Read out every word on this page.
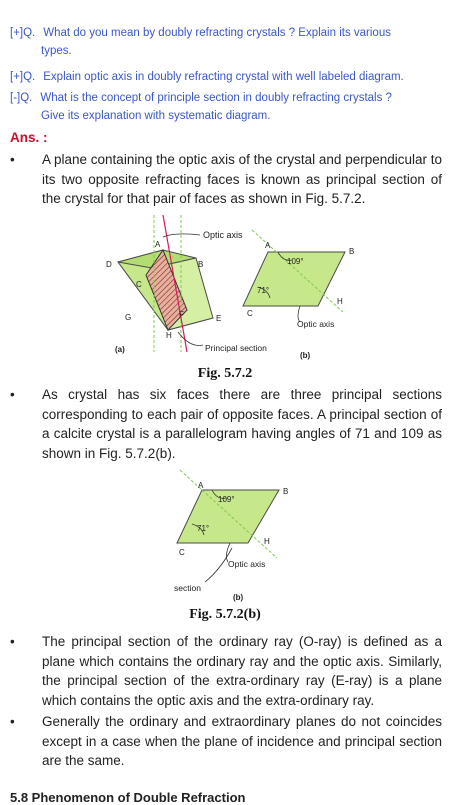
[+]Q. What do you mean by doubly refracting crystals ? Explain its various
types.
[+]Q. Explain optic axis in doubly refracting crystal with well labeled diagram.
[-]Q. What is the concept of principle section in doubly refracting crystals ?
Give its explanation with systematic diagram.
Ans. :
• A plane containing the optic axis of the crystal and perpendicular to its two opposite refracting faces is known as principal section of the crystal for that pair of faces as shown in Fig. 5.7.2.
Optic axis
A
D	B
C
G	F	E
H
Principal section
(a)
A
B
C
H
109°
71°
Optic axis
(b)
Fig. 5.7.2
• As crystal has six faces there are three principal sections corresponding to each pair of opposite faces. A principal section of a calcite crystal is a parallelogram having angles of 71 and 109 as shown in Fig. 5.7.2(b).
A
B
C
H
109°
71°
Optic axis
section
(b)
Fig. 5.7.2(b)
• The principal section of the ordinary ray (O-ray) is defined as a plane which contains the ordinary ray and the optic axis. Similarly, the principal section of the extra-ordinary ray (E-ray) is a plane which contains the optic axis and the extra-ordinary ray.
• Generally the ordinary and extraordinary planes do not coincides except in a case when the plane of incidence and principal section are the same.
5.8 Phenomenon of Double Refraction
